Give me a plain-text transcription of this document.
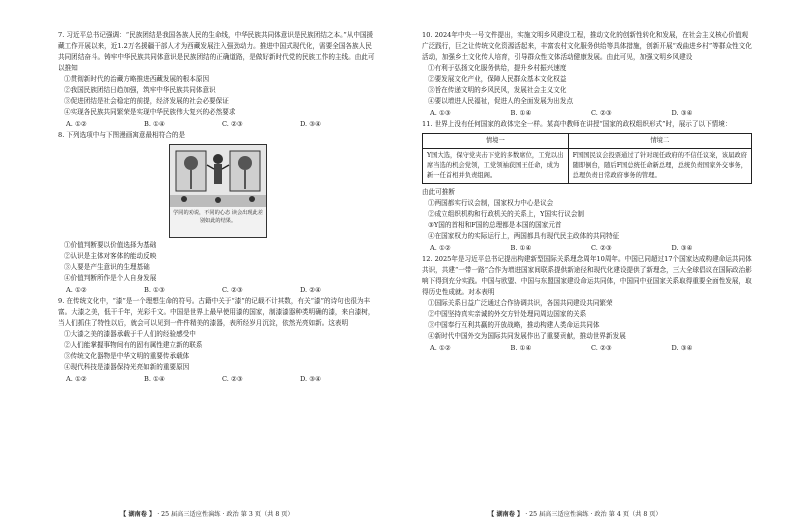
7. 习近平总书记强调：“民族团结是我国各族人民的生命线，中华民族共同体意识是民族团结之本。”从中国援藏工作开展以来，近1.2万名援疆干部人才为西藏发展注入强劲动力。推进中国式现代化，需要全国各族人民共同团结奋斗。铸牢中华民族共同体意识是民族团结的正确道路，是做好新时代党的民族工作的主线。由此可以推知
①贯彻新时代的治藏方略推进西藏发展的根本原因
②我国民族团结日趋加强，筑牢中华民族共同体意识
③促进团结是社会稳定的前提，经济发展的社会必要保证
④实现各民族共同繁荣是实现中华民族伟大复兴的必然要求
A. ①②	B. ①④	C. ②③	D. ③④
8. 下列选项中与下图漫画寓意最相符合的是
学同的劝说，不同的心态 读会出现此差别如此的结果。
①价值判断要以价值选择为基础
②认识是主体对客体的能动反映
③人要是产生意识的生理基础
④价值判断所作是个人自身发展
A. ①②	B. ①③	C. ②③	D. ②④
9. 在传统文化中，“漆”是一个理想生命的符号。古籍中关于“漆”的记载不计其数，有关“漆”的诗句也很为丰富。大漆之美，低干千年，光彩千文。中国是世界上最早使用漆的国家，制漆漆器种类明确的漆，来自漆树，当人们抓住了特性以后，就会可以见到一件件精美的漆器，表所经岁月沉淀，依然光亮如新。这表明
①大漆之美的漆器承载于千人们的经验感受中
②人们能掌握事物间有的固有属性建立新的联系
③传统文化器物是中华文明的重要传承载体
④现代科技是漆器保持光亮如新的重要原因
A. ①②	B. ①④	C. ②③	D. ③④
【 湖南卷 】 · 25 届高三适应性演练 · 政治 第 3 页（共 8 页）
10. 2024年中央一号文件提出，实施文明乡风建设工程，推动文化的创新性转化和发展，在社会主义核心价值观广泛践行，巨之让传统文化资源活起来，丰富农村文化服务供给等具体措施，创新开展“戏曲进乡村”等群众性文化活动，加强乡土文化传人培育，引导群众性文体活动健康发展。由此可见，加强文明乡风建设
①有利于弘扬文化服务供给，提升乡村振兴速度
②要发展文化产业，保障人民群众基本文化权益
③旨在传递文明的乡风民风，发展社会主义文化
④要以增进人民福祉，促进人的全面发展为出发点
A. ①③	B. ①④	C. ②③	D. ③④
11. 世界上没有任何国家的政体完全一样。某高中教师在讲授“国家的政权组织形式”时，展示了以下情境：
情境一	情境二
Y国大选，保守党夹击下党的多数席位，工党以出席当选的机会党领，工党领袖获国王任命，成为新一任首相并负责组阁。	F国国民议会投票通过了针对现任政府的不信任议案，该届政府随即倒台，随后F国总统任命新总理，总统负责国家外交事务，总理负责日常政府事务的管理。
由此可推断
①两国都实行议会制，国家权力中心是议会
②成立组织机构和行政机关的关系上，Y国实行议会制
③Y国的首相和F国的总理都是本国的国家元首
④在国家权力的实际运行上，两国都具有现代民主政体的共同特征
A. ①②	B. ①④	C. ②③	D. ③④
12. 2025年是习近平总书记提出构建新型国际关系理念周年10周年。中国已同超过17个国家达成构建命运共同体共识，共建“一带一路”合作为增进国家间联系提供新途径和现代化建设提供了新理念，三大全球倡议在国际政治影响下得到充分实践。中国与欧盟、中国与东盟国家建设命运共同体，中国同中亚国家关系取得重要全面性发展，取得历史性成就。对本表明
①国际关系日益广泛通过合作协调共识，各国共同建设共同繁荣
②中国坚持真实亲诚的外交方针处理同周边国家的关系
③中国奉行互利共赢的开放战略，推动构建人类命运共同体
④新时代中国外交为国际共同发展作出了重要贡献，推动世界新发展
A. ①②	B. ①④	C. ②③	D. ③④
【 湖南卷 】 · 25 届高三适应性演练 · 政治 第 4 页（共 8 页）
